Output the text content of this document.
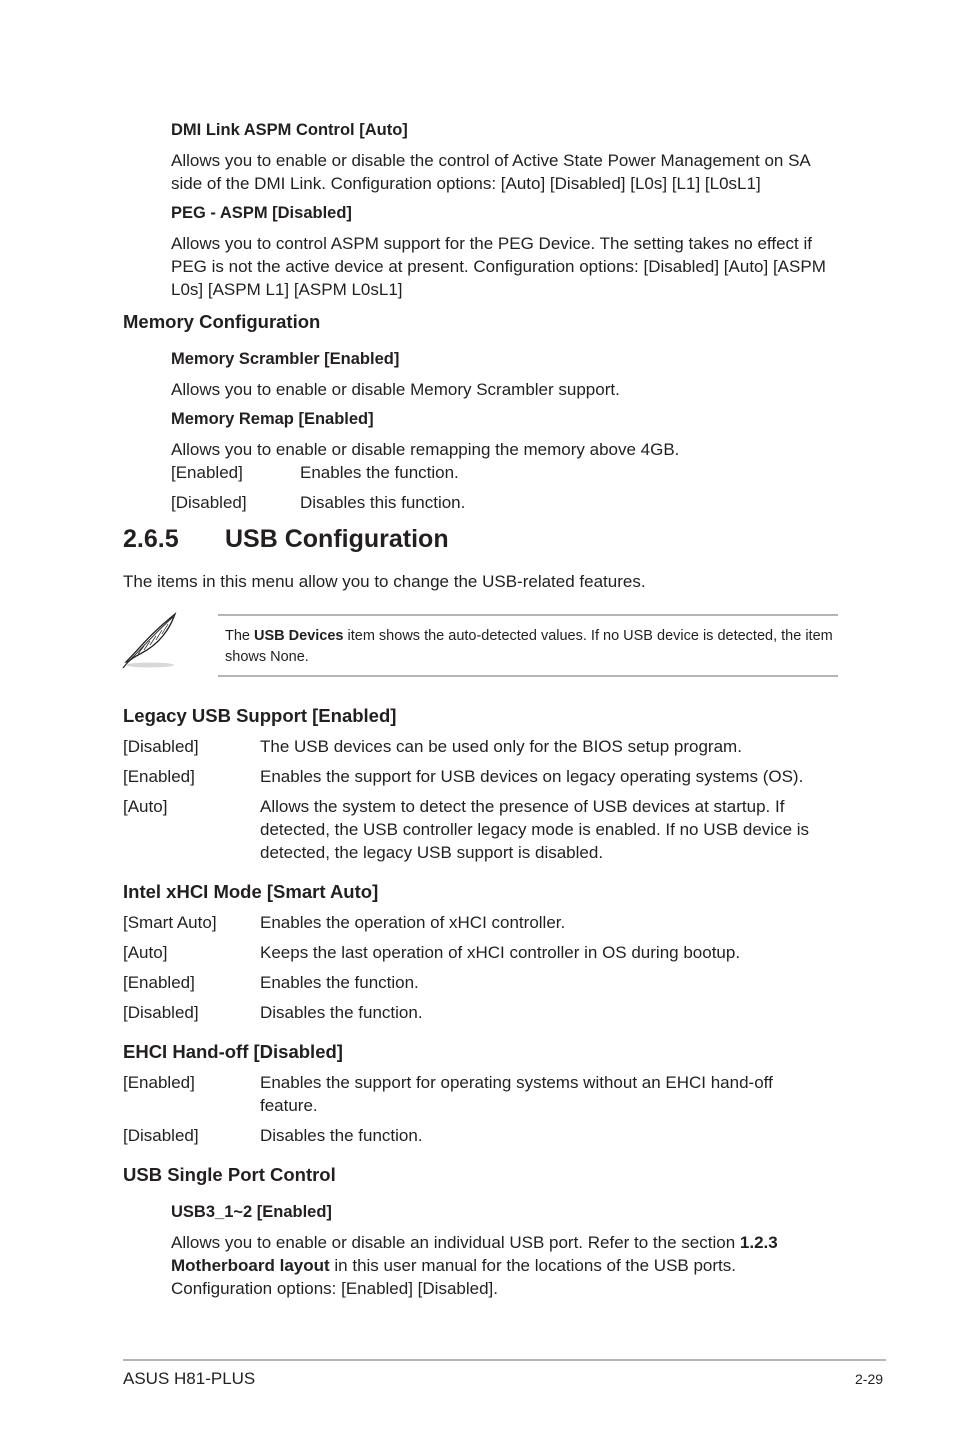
DMI Link ASPM Control [Auto]
Allows you to enable or disable the control of Active State Power Management on SA side of the DMI Link. Configuration options: [Auto] [Disabled] [L0s] [L1] [L0sL1]
PEG - ASPM [Disabled]
Allows you to control ASPM support for the PEG Device. The setting takes no effect if PEG is not the active device at present. Configuration options: [Disabled] [Auto] [ASPM L0s] [ASPM L1] [ASPM L0sL1]
Memory Configuration
Memory Scrambler [Enabled]
Allows you to enable or disable Memory Scrambler support.
Memory Remap [Enabled]
Allows you to enable or disable remapping the memory above 4GB.
[Enabled]	Enables the function.
[Disabled]	Disables this function.
2.6.5 USB Configuration
The items in this menu allow you to change the USB-related features.
The USB Devices item shows the auto-detected values. If no USB device is detected, the item shows None.
Legacy USB Support [Enabled]
[Disabled]	The USB devices can be used only for the BIOS setup program.
[Enabled]	Enables the support for USB devices on legacy operating systems (OS).
[Auto]	Allows the system to detect the presence of USB devices at startup. If detected, the USB controller legacy mode is enabled. If no USB device is detected, the legacy USB support is disabled.
Intel xHCI Mode [Smart Auto]
[Smart Auto]	Enables the operation of xHCI controller.
[Auto]	Keeps the last operation of xHCI controller in OS during bootup.
[Enabled]	Enables the function.
[Disabled]	Disables the function.
EHCI Hand-off [Disabled]
[Enabled]	Enables the support for operating systems without an EHCI hand-off feature.
[Disabled]	Disables the function.
USB Single Port Control
USB3_1~2 [Enabled]
Allows you to enable or disable an individual USB port. Refer to the section 1.2.3 Motherboard layout in this user manual for the locations of the USB ports. Configuration options: [Enabled] [Disabled].
ASUS H81-PLUS	2-29
